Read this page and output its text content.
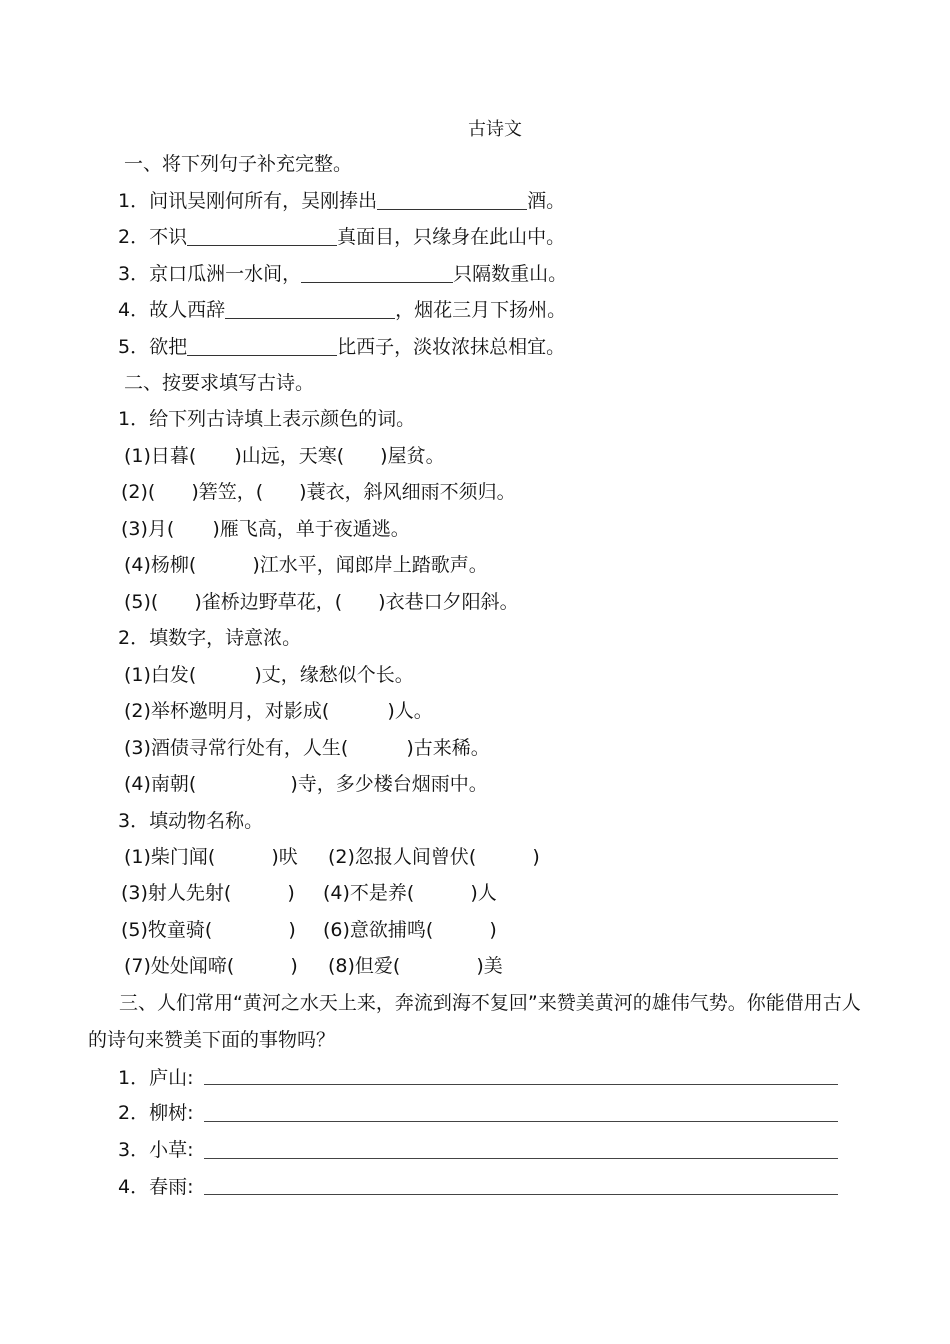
古诗文
一、将下列句子补充完整。
1．问讯吴刚何所有，吴刚捧出	酒。
2．不识	真面目，只缘身在此山中。
3．京口瓜洲一水间，	只隔数重山。
4．故人西辞	，烟花三月下扬州。
5．欲把	比西子，淡妆浓抹总相宜。
二、按要求填写古诗。
1．给下列古诗填上表示颜色的词。
(1)日暮( )山远，天寒( )屋贫。
(2)( )箬笠，( )蓑衣，斜风细雨不须归。
(3)月( )雁飞高，单于夜遁逃。
(4)杨柳(	)江水平，闻郎岸上踏歌声。
(5)( )雀桥边野草花，( )衣巷口夕阳斜。
2．填数字，诗意浓。
(1)白发(	)丈，缘愁似个长。
(2)举杯邀明月，对影成(	)人。
(3)酒债寻常行处有，人生(	)古来稀。
(4)南朝(	)寺，多少楼台烟雨中。
3．填动物名称。
(1)柴门闻(	)吠 (2)忽报人间曾伏(	)
(3)射人先射(	) (4)不是养(	)人
(5)牧童骑(	) (6)意欲捕鸣(	)
(7)处处闻啼(	) (8)但爱(	)美
三、人们常用“黄河之水天上来，奔流到海不复回”来赞美黄河的雄伟气势。你能借用古人的诗句来赞美下面的事物吗？
1．庐山:
2．柳树:
3．小草:
4．春雨:
